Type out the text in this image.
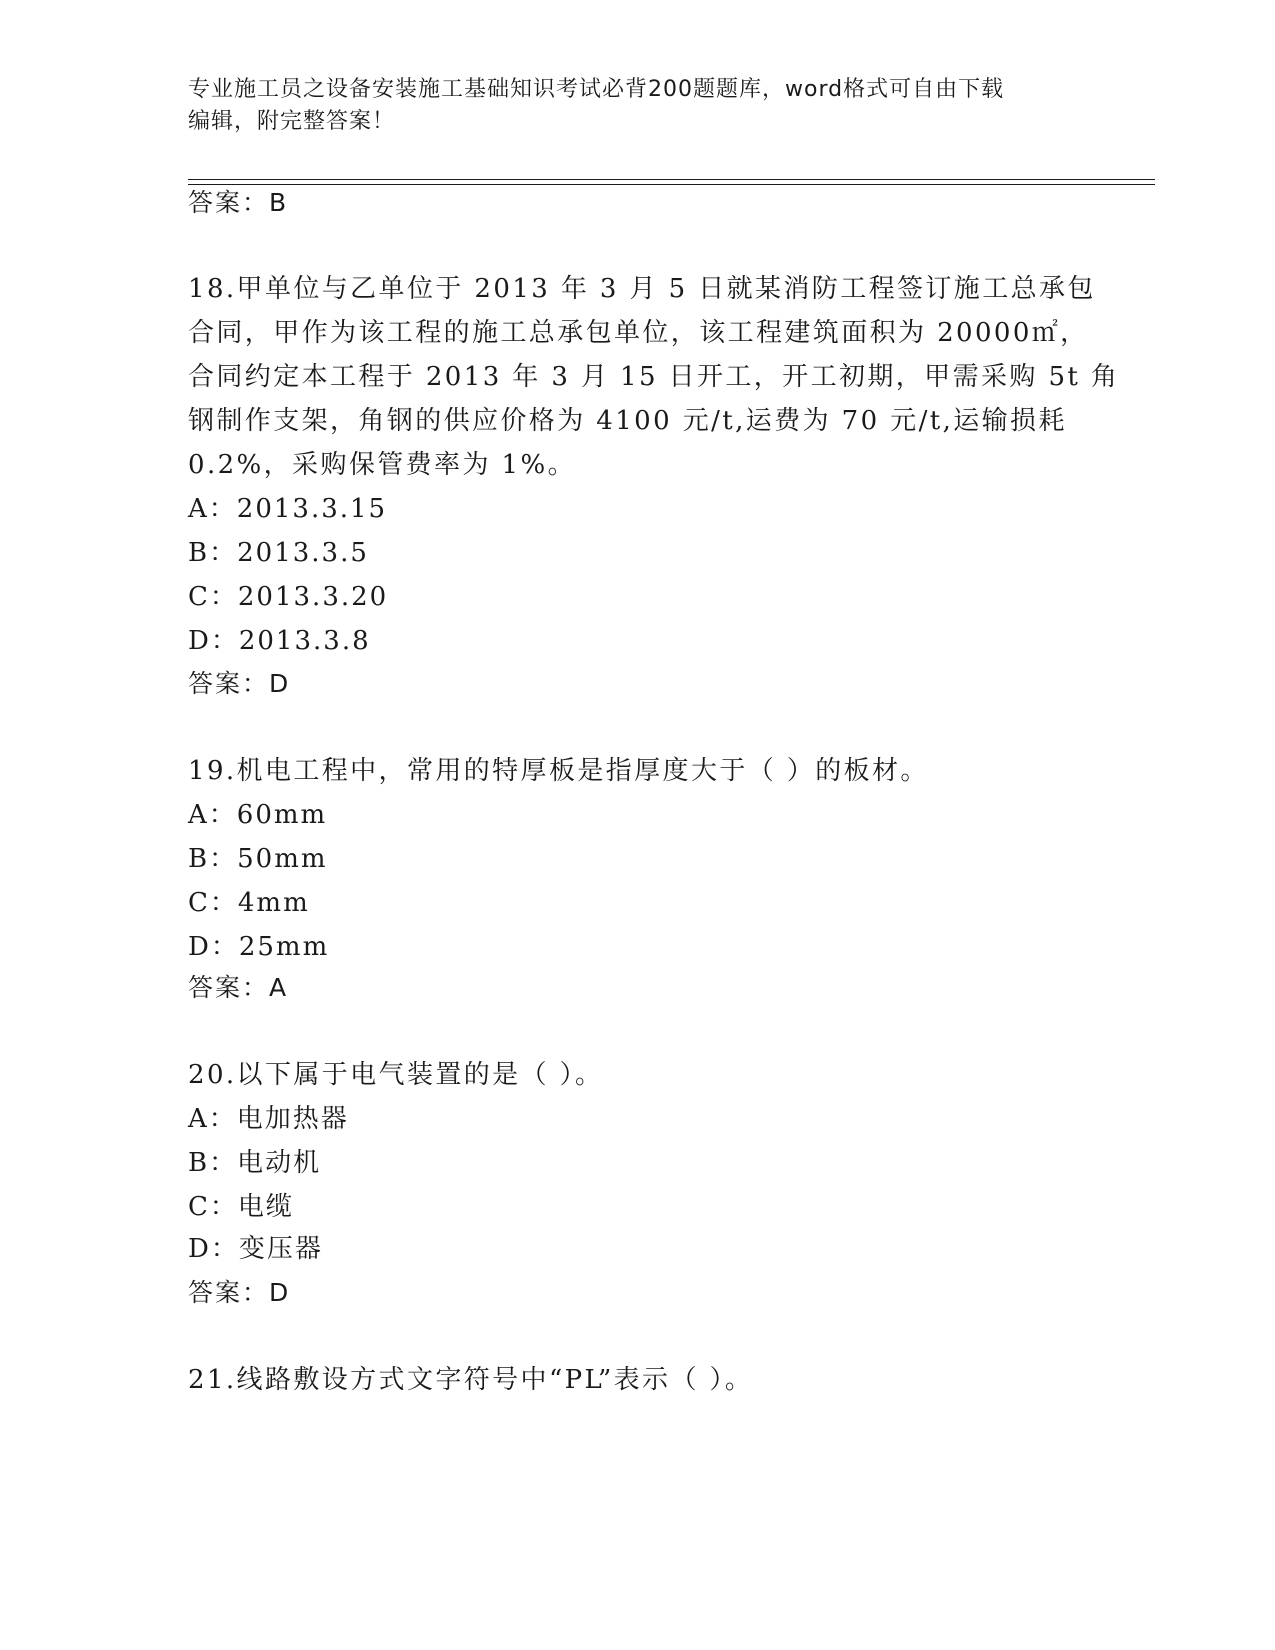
专业施工员之设备安装施工基础知识考试必背200题题库，word格式可自由下载
编辑，附完整答案！
答案：B
18.甲单位与乙单位于 2013 年 3 月 5 日就某消防工程签订施工总承包
合同，甲作为该工程的施工总承包单位，该工程建筑面积为 20000㎡，
合同约定本工程于 2013 年 3 月 15 日开工，开工初期，甲需采购 5t 角
钢制作支架，角钢的供应价格为 4100 元/t,运费为 70 元/t,运输损耗
0.2%，采购保管费率为 1%。
A：2013.3.15
B：2013.3.5
C：2013.3.20
D：2013.3.8
答案：D
19.机电工程中，常用的特厚板是指厚度大于（ ）的板材。
A：60mm
B：50mm
C：4mm
D：25mm
答案：A
20.以下属于电气装置的是（ ）。
A：电加热器
B：电动机
C：电缆
D：变压器
答案：D
21.线路敷设方式文字符号中“PL”表示（ ）。
